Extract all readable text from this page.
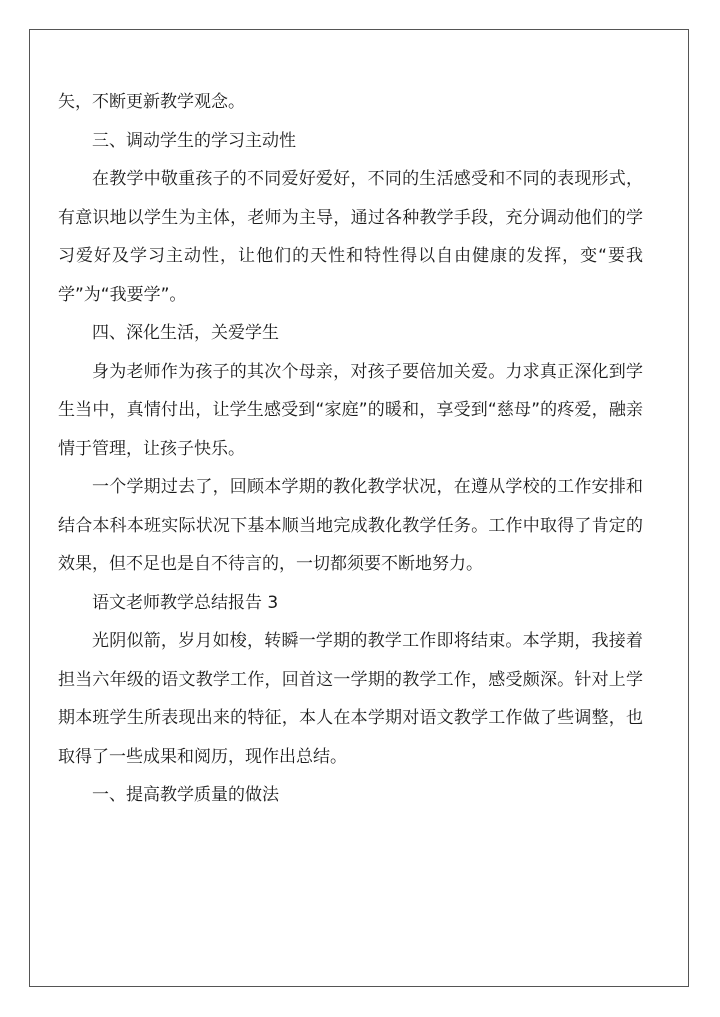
矢，不断更新教学观念。

三、调动学生的学习主动性

在教学中敬重孩子的不同爱好爱好，不同的生活感受和不同的表现形式，有意识地以学生为主体，老师为主导，通过各种教学手段，充分调动他们的学习爱好及学习主动性，让他们的天性和特性得以自由健康的发挥，变“要我学”为“我要学”。

四、深化生活，关爱学生

身为老师作为孩子的其次个母亲，对孩子要倍加关爱。力求真正深化到学生当中，真情付出，让学生感受到“家庭”的暖和，享受到“慈母”的疼爱，融亲情于管理，让孩子快乐。

一个学期过去了，回顾本学期的教化教学状况，在遵从学校的工作安排和结合本科本班实际状况下基本顺当地完成教化教学任务。工作中取得了肯定的效果，但不足也是自不待言的，一切都须要不断地努力。

语文老师教学总结报告 3

光阴似箭，岁月如梭，转瞬一学期的教学工作即将结束。本学期，我接着担当六年级的语文教学工作，回首这一学期的教学工作，感受颇深。针对上学期本班学生所表现出来的特征，本人在本学期对语文教学工作做了些调整，也取得了一些成果和阅历，现作出总结。

一、提高教学质量的做法
